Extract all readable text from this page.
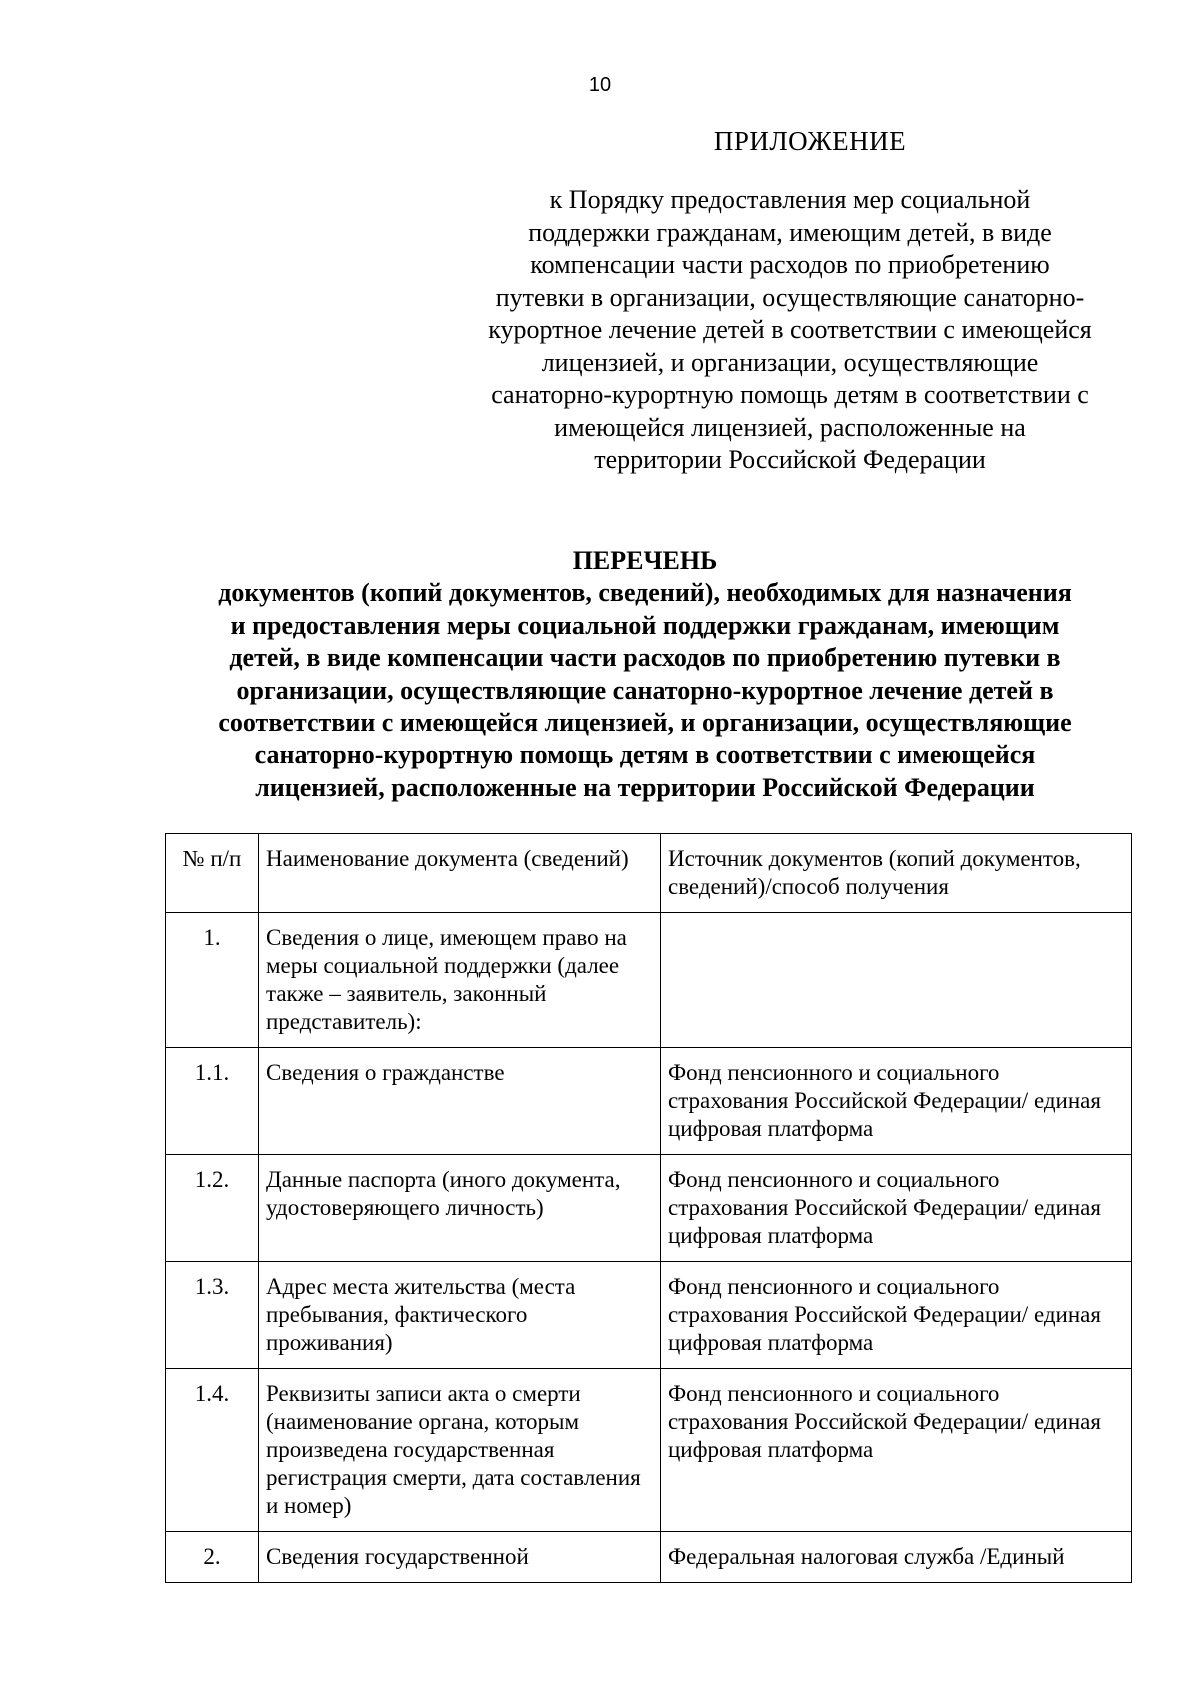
10
ПРИЛОЖЕНИЕ

к Порядку предоставления мер социальной
поддержки гражданам, имеющим детей, в виде
компенсации части расходов по приобретению
путевки в организации, осуществляющие санаторно-
курортное лечение детей в соответствии с имеющейся
лицензией, и организации, осуществляющие
санаторно-курортную помощь детям в соответствии с
имеющейся лицензией, расположенные на
территории Российской Федерации

ПЕРЕЧЕНЬ
документов (копий документов, сведений), необходимых для назначения
и предоставления меры социальной поддержки гражданам, имеющим
детей, в виде компенсации части расходов по приобретению путевки в
организации, осуществляющие санаторно-курортное лечение детей в
соответствии с имеющейся лицензией, и организации, осуществляющие
санаторно-курортную помощь детям в соответствии с имеющейся
лицензией, расположенные на территории Российской Федерации
№ п/п	Наименование документа (сведений)	Источник документов (копий документов, сведений)/способ получения
1.	Сведения о лице, имеющем право на меры социальной поддержки (далее также – заявитель, законный представитель):	
1.1.	Сведения о гражданстве	Фонд пенсионного и социального страхования Российской Федерации/ единая цифровая платформа
1.2.	Данные паспорта (иного документа, удостоверяющего личность)	Фонд пенсионного и социального страхования Российской Федерации/ единая цифровая платформа
1.3.	Адрес места жительства (места пребывания, фактического проживания)	Фонд пенсионного и социального страхования Российской Федерации/ единая цифровая платформа
1.4.	Реквизиты записи акта о смерти (наименование органа, которым произведена государственная регистрация смерти, дата составления и номер)	Фонд пенсионного и социального страхования Российской Федерации/ единая цифровая платформа
2.	Сведения государственной	Федеральная налоговая служба /Единый
